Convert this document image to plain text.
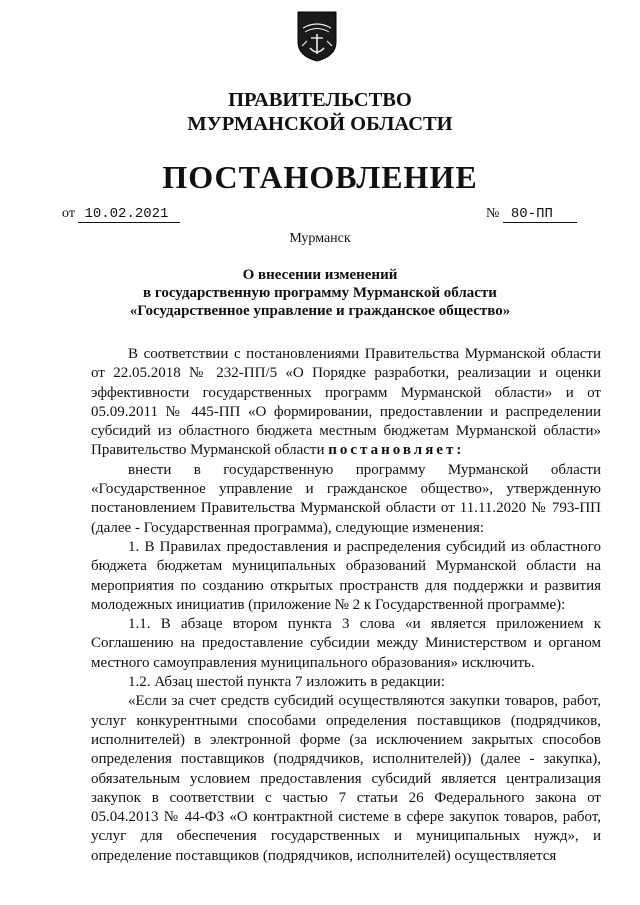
ПРАВИТЕЛЬСТВО
МУРМАНСКОЙ ОБЛАСТИ
ПОСТАНОВЛЕНИЕ
от 10.02.2021	№ 80-ПП
Мурманск
О внесении изменений
в государственную программу Мурманской области
«Государственное управление и гражданское общество»

В соответствии с постановлениями Правительства Мурманской области от 22.05.2018 № 232-ПП/5 «О Порядке разработки, реализации и оценки эффективности государственных программ Мурманской области» и от 05.09.2011 № 445-ПП «О формировании, предоставлении и распределении субсидий из областного бюджета местным бюджетам Мурманской области» Правительство Мурманской области постановляет:

внести в государственную программу Мурманской области «Государственное управление и гражданское общество», утвержденную постановлением Правительства Мурманской области от 11.11.2020 № 793-ПП (далее - Государственная программа), следующие изменения:

1. В Правилах предоставления и распределения субсидий из областного бюджета бюджетам муниципальных образований Мурманской области на мероприятия по созданию открытых пространств для поддержки и развития молодежных инициатив (приложение № 2 к Государственной программе):

1.1. В абзаце втором пункта 3 слова «и является приложением к Соглашению на предоставление субсидии между Министерством и органом местного самоуправления муниципального образования» исключить.

1.2. Абзац шестой пункта 7 изложить в редакции:

«Если за счет средств субсидий осуществляются закупки товаров, работ, услуг конкурентными способами определения поставщиков (подрядчиков, исполнителей) в электронной форме (за исключением закрытых способов определения поставщиков (подрядчиков, исполнителей)) (далее - закупка), обязательным условием предоставления субсидий является централизация закупок в соответствии с частью 7 статьи 26 Федерального закона от 05.04.2013 № 44-ФЗ «О контрактной системе в сфере закупок товаров, работ, услуг для обеспечения государственных и муниципальных нужд», и определение поставщиков (подрядчиков, исполнителей) осуществляется
